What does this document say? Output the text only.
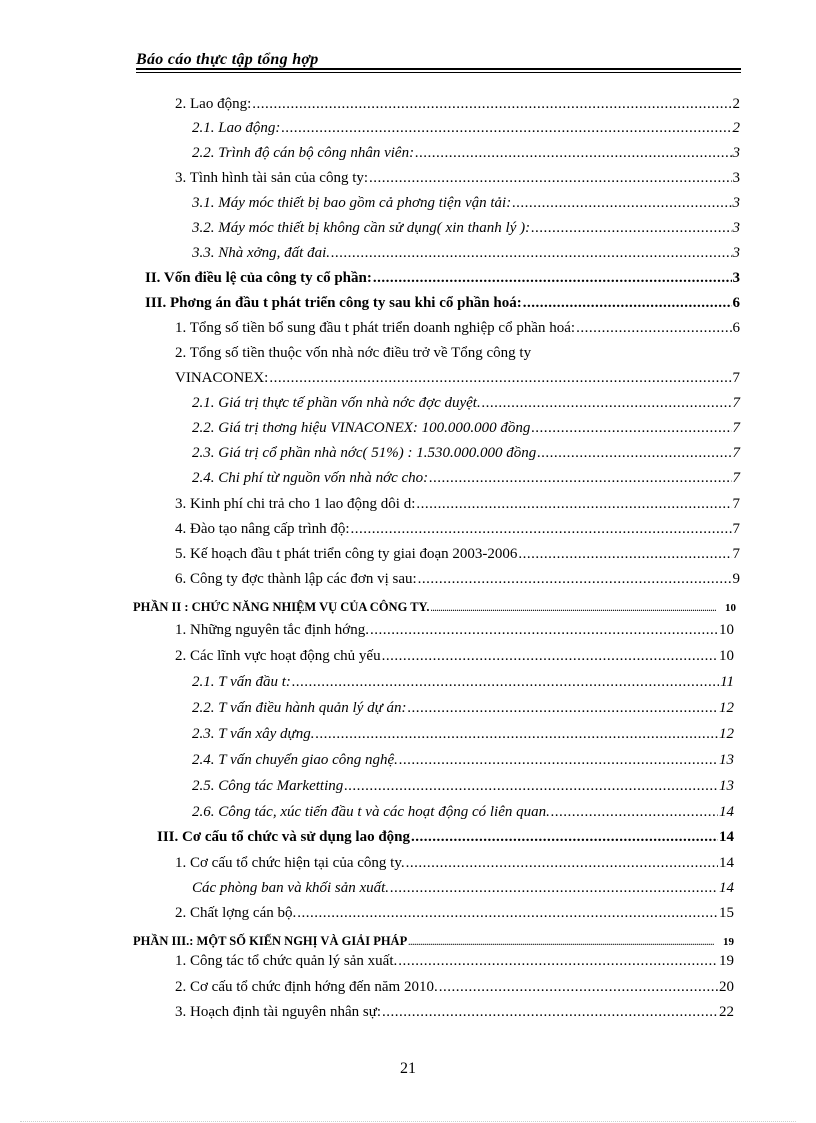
Báo cáo thực tập tổng hợp
2. Lao động: .....	2
2.1. Lao động: .....	2
2.2. Trình độ cán bộ công nhân viên: .....	3
3. Tình hình tài sản của công ty: .....	3
3.1. Máy móc thiết bị bao gồm cả phơng tiện vận tải: .....	3
3.2. Máy móc thiết bị không cần sử dụng( xin thanh lý ): .....	3
3.3. Nhà xởng, đất đai. .....	3
II. Vốn điều lệ của công ty cổ phần: .....	3
III. Phơng án đầu t phát triển công ty sau khi cổ phần hoá: .....	6
1. Tổng số tiền bổ sung đầu t phát triển doanh nghiệp cổ phần hoá: .....	6
2. Tổng số tiền thuộc vốn nhà nớc điều trở về Tổng công ty
VINACONEX: .....	7
2.1. Giá trị thực tế phần vốn nhà nớc đợc duyệt. .....	7
2.2. Giá trị thơng hiệu VINACONEX: 100.000.000 đồng .....	7
2.3. Giá trị cổ phần nhà nớc( 51%) : 1.530.000.000 đồng .....	7
2.4. Chi phí từ nguồn vốn nhà nớc cho: .....	7
3. Kinh phí chi trả cho 1 lao động dôi d: .....	7
4. Đào tạo nâng cấp trình độ: .....	7
5. Kế hoạch đầu t phát triển công ty giai đoạn 2003-2006 .....	7
6. Công ty đợc thành lập các đơn vị sau: .....	9
PHẦN II : CHỨC NĂNG NHIỆM VỤ CỦA CÔNG TY. .....	10
1. Những nguyên tắc định hớng. .....	10
2. Các lĩnh vực hoạt động chủ yếu .....	10
2.1. T vấn đầu t: .....	11
2.2. T vấn điều hành quản lý dự án: .....	12
2.3. T vấn xây dựng. .....	12
2.4. T vấn chuyển giao công nghệ. .....	13
2.5. Công tác Marketting .....	13
2.6. Công tác, xúc tiến đầu t và các hoạt động có liên quan. .....	14
III. Cơ cấu tổ chức và sử dụng lao động .....	14
1. Cơ cấu tổ chức hiện tại của công ty. .....	14
Các phòng ban và khối sản xuất. .....	14
2. Chất lợng cán bộ. .....	15
PHẦN III.: MỘT SỐ KIẾN NGHỊ VÀ GIẢI PHÁP .....	19
1. Công tác tổ chức quản lý sản xuất. .....	19
2. Cơ cấu tổ chức định hớng đến năm 2010. .....	20
3. Hoạch định tài nguyên nhân sự: .....	22
21
